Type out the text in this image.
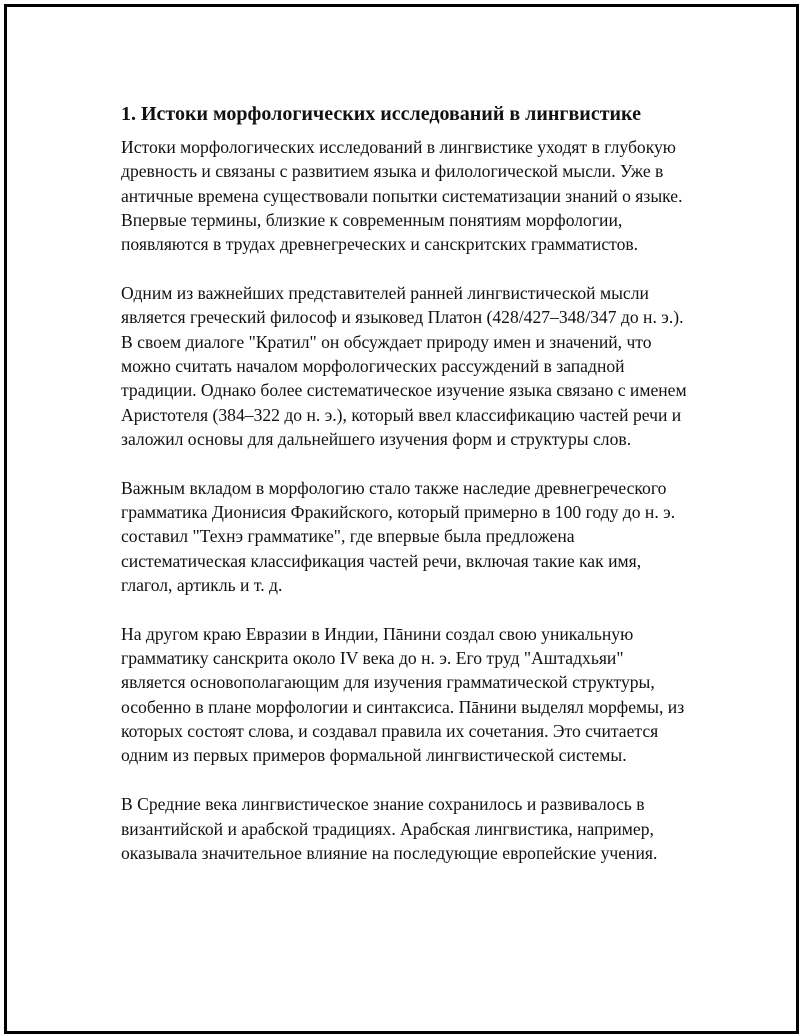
1. Истоки морфологических исследований в лингвистике

Истоки морфологических исследований в лингвистике уходят в глубокую древность и связаны с развитием языка и филологической мысли. Уже в античные времена существовали попытки систематизации знаний о языке. Впервые термины, близкие к современным понятиям морфологии, появляются в трудах древнегреческих и санскритских грамматистов.

Одним из важнейших представителей ранней лингвистической мысли является греческий философ и языковед Платон (428/427–348/347 до н. э.). В своем диалоге "Кратил" он обсуждает природу имен и значений, что можно считать началом морфологических рассуждений в западной традиции. Однако более систематическое изучение языка связано с именем Аристотеля (384–322 до н. э.), который ввел классификацию частей речи и заложил основы для дальнейшего изучения форм и структуры слов.

Важным вкладом в морфологию стало также наследие древнегреческого грамматика Дионисия Фракийского, который примерно в 100 году до н. э. составил "Технэ грамматике", где впервые была предложена систематическая классификация частей речи, включая такие как имя, глагол, артикль и т. д.

На другом краю Евразии в Индии, Пāнини создал свою уникальную грамматику санскрита около IV века до н. э. Его труд "Аштадхьяи" является основополагающим для изучения грамматической структуры, особенно в плане морфологии и синтаксиса. Пāнини выделял морфемы, из которых состоят слова, и создавал правила их сочетания. Это считается одним из первых примеров формальной лингвистической системы.

В Средние века лингвистическое знание сохранилось и развивалось в византийской и арабской традициях. Арабская лингвистика, например, оказывала значительное влияние на последующие европейские учения.
